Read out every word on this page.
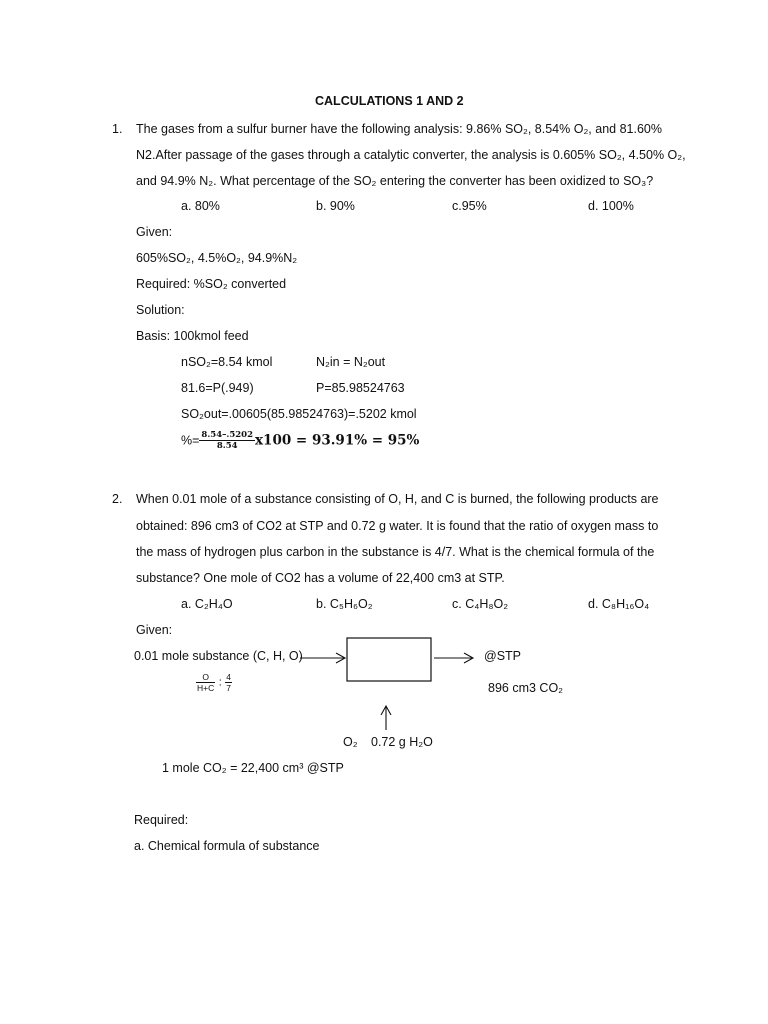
CALCULATIONS 1 AND 2
1. The gases from a sulfur burner have the following analysis: 9.86% SO₂, 8.54% O₂, and 81.60%
N2.After passage of the gases through a catalytic converter, the analysis is 0.605% SO₂, 4.50% O₂,
and 94.9% N₂. What percentage of the SO₂ entering the converter has been oxidized to SO₃?
a. 80%	b. 90%	c.95%	d. 100%
Given:
605%SO₂, 4.5%O₂, 94.9%N₂
Required: %SO₂ converted
Solution:
Basis: 100kmol feed
nSO₂=8.54 kmol	N₂in = N₂out
81.6=P(.949)	P=85.98524763
SO₂out=.00605(85.98524763)=.5202 kmol
%= $\frac{8.54-.5202}{8.54} x100 = 93.91\% = 95\%$
2. When 0.01 mole of a substance consisting of O, H, and C is burned, the following products are
obtained: 896 cm3 of CO2 at STP and 0.72 g water. It is found that the ratio of oxygen mass to
the mass of hydrogen plus carbon in the substance is 4/7. What is the chemical formula of the
substance? One mole of CO2 has a volume of 22,400 cm3 at STP.
a. C₂H₄O	b. C₅H₆O₂	c. C₄H₈O₂	d. C₈H₁₆O₄
Given:
0.01 mole substance (C, H, O)
$\frac{O}{H+C}$ : $\frac{4}{7}$
@STP
896 cm3 CO₂
O₂ 0.72 g H₂O
1 mole CO₂ = 22,400 cm³ @STP
Required:
a. Chemical formula of substance
